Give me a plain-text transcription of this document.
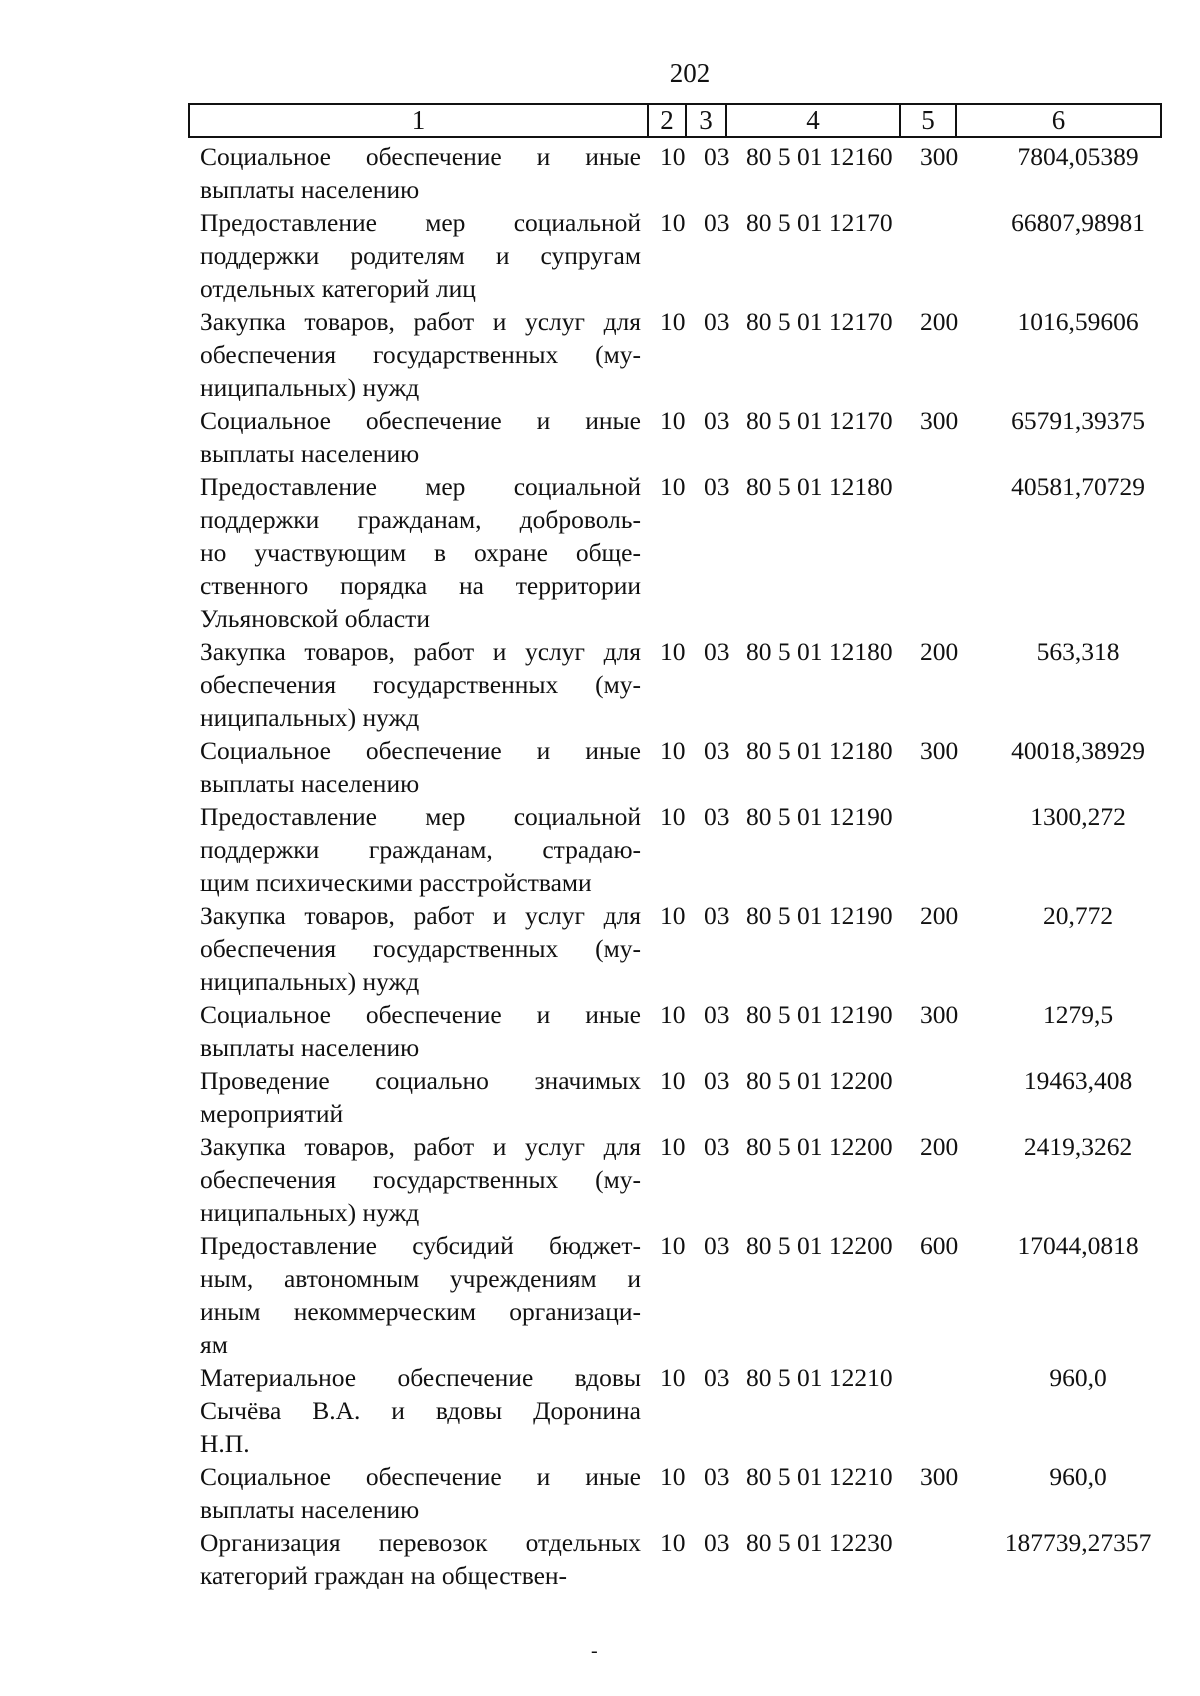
202
1	2	3	4	5	6
Социальное обеспечение и иные
выплаты населению
10 03 80 5 01 12160 300	7804,05389
Предоставление мер социальной
поддержки родителям и супругам
отдельных категорий лиц
10 03 80 5 01 12170	66807,98981
Закупка товаров, работ и услуг для
обеспечения государственных (му-
ниципальных) нужд
10 03 80 5 01 12170 200	1016,59606
Социальное обеспечение и иные
выплаты населению
10 03 80 5 01 12170 300	65791,39375
Предоставление мер социальной
поддержки гражданам, доброволь-
но участвующим в охране обще-
ственного порядка на территории
Ульяновской области
10 03 80 5 01 12180	40581,70729
Закупка товаров, работ и услуг для
обеспечения государственных (му-
ниципальных) нужд
10 03 80 5 01 12180 200	563,318
Социальное обеспечение и иные
выплаты населению
10 03 80 5 01 12180 300	40018,38929
Предоставление мер социальной
поддержки гражданам, страдаю-
щим психическими расстройствами
10 03 80 5 01 12190	1300,272
Закупка товаров, работ и услуг для
обеспечения государственных (му-
ниципальных) нужд
10 03 80 5 01 12190 200	20,772
Социальное обеспечение и иные
выплаты населению
10 03 80 5 01 12190 300	1279,5
Проведение социально значимых
мероприятий
10 03 80 5 01 12200	19463,408
Закупка товаров, работ и услуг для
обеспечения государственных (му-
ниципальных) нужд
10 03 80 5 01 12200 200	2419,3262
Предоставление субсидий бюджет-
ным, автономным учреждениям и
иным некоммерческим организаци-
ям
10 03 80 5 01 12200 600	17044,0818
Материальное обеспечение вдовы
Сычёва В.А. и вдовы Доронина
Н.П.
10 03 80 5 01 12210	960,0
Социальное обеспечение и иные
выплаты населению
10 03 80 5 01 12210 300	960,0
Организация перевозок отдельных
категорий граждан на обществен-
10 03 80 5 01 12230	187739,27357
-
